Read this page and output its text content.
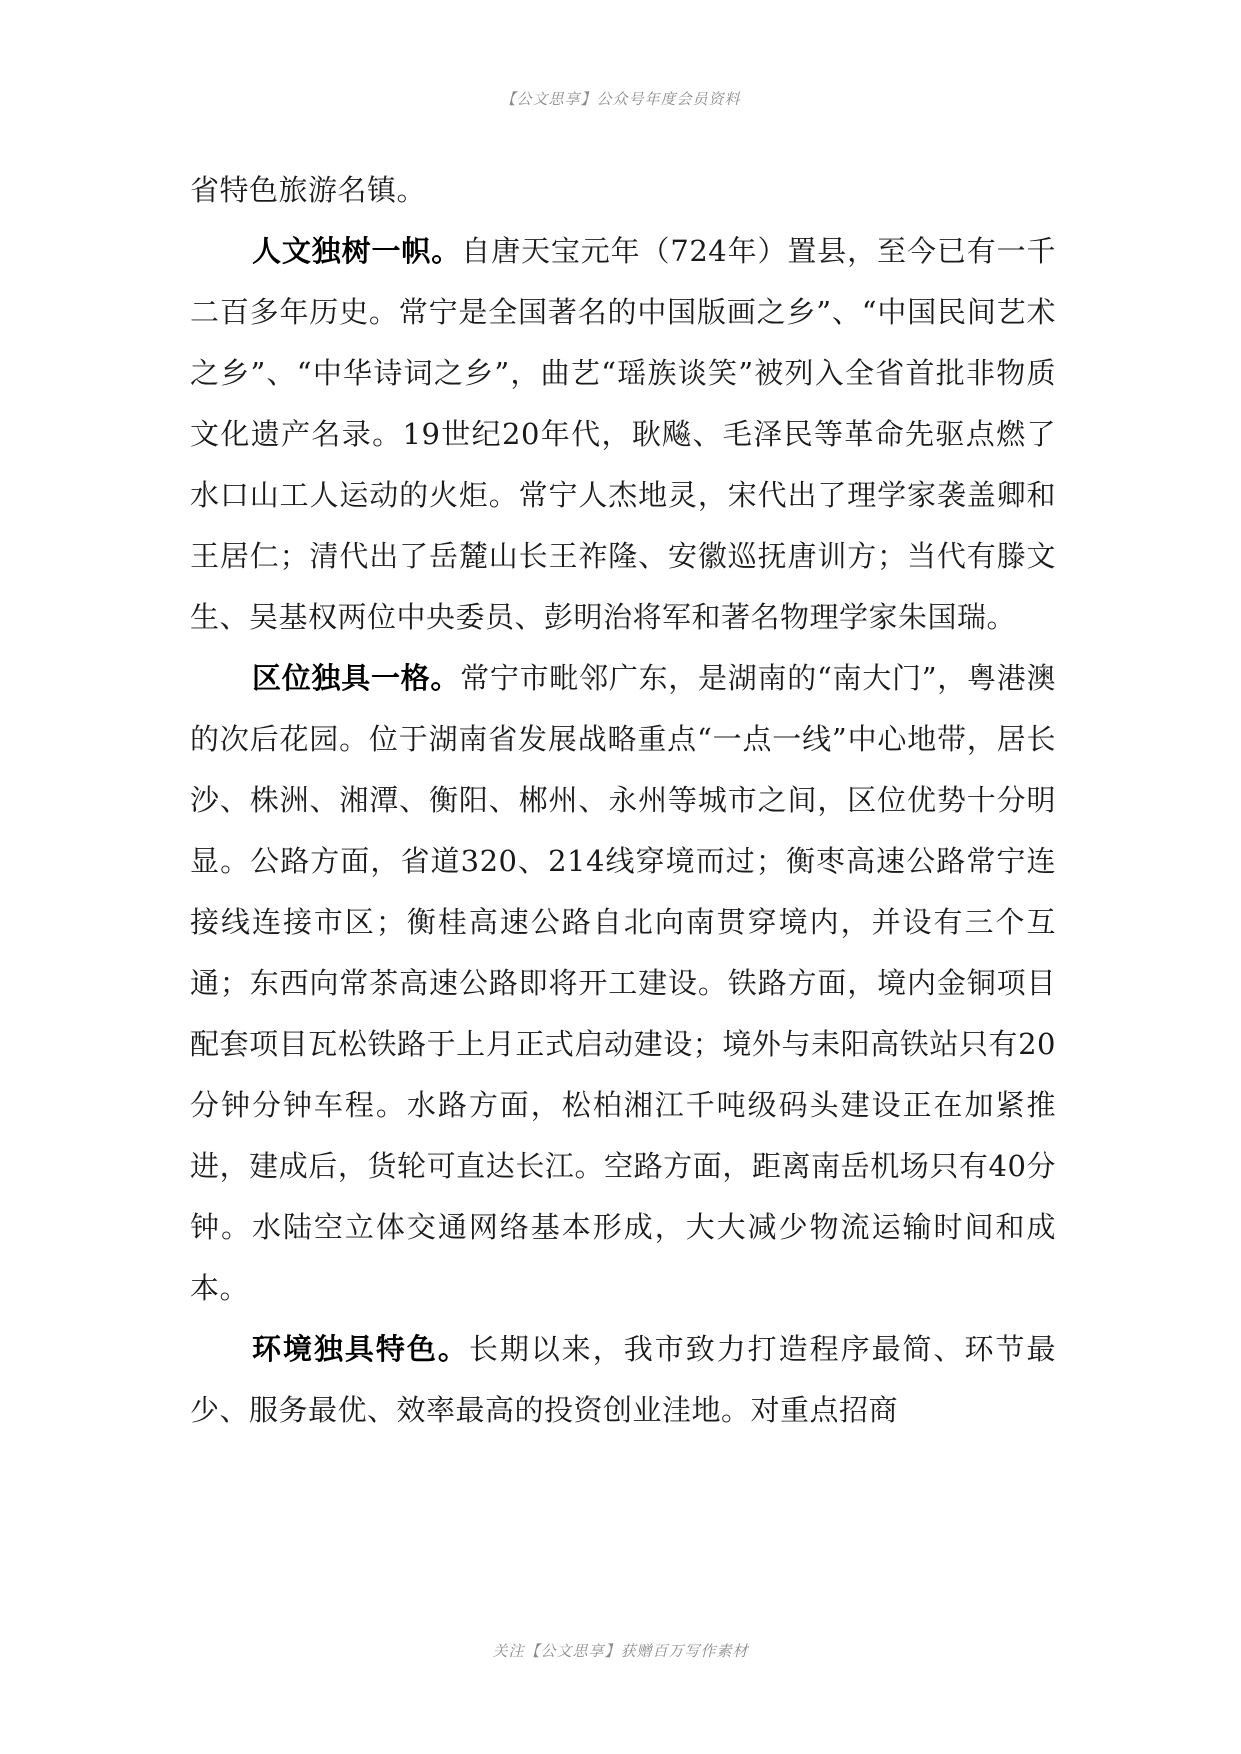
【公文思享】公众号年度会员资料

省特色旅游名镇。

人文独树一帜。自唐天宝元年（724年）置县，至今已有一千二百多年历史。常宁是全国著名的中国版画之乡”、“中国民间艺术之乡”、“中华诗词之乡”，曲艺“瑶族谈笑”被列入全省首批非物质文化遗产名录。19世纪20年代，耿飚、毛泽民等革命先驱点燃了水口山工人运动的火炬。常宁人杰地灵，宋代出了理学家袭盖卿和王居仁；清代出了岳麓山长王祚隆、安徽巡抚唐训方；当代有滕文生、吴基权两位中央委员、彭明治将军和著名物理学家朱国瑞。

区位独具一格。常宁市毗邻广东，是湖南的“南大门”，粤港澳的次后花园。位于湖南省发展战略重点“一点一线”中心地带，居长沙、株洲、湘潭、衡阳、郴州、永州等城市之间，区位优势十分明显。公路方面，省道320、214线穿境而过；衡枣高速公路常宁连接线连接市区；衡桂高速公路自北向南贯穿境内，并设有三个互通；东西向常茶高速公路即将开工建设。铁路方面，境内金铜项目配套项目瓦松铁路于上月正式启动建设；境外与耒阳高铁站只有20分钟分钟车程。水路方面，松柏湘江千吨级码头建设正在加紧推进，建成后，货轮可直达长江。空路方面，距离南岳机场只有40分钟。水陆空立体交通网络基本形成，大大减少物流运输时间和成本。

环境独具特色。长期以来，我市致力打造程序最简、环节最少、服务最优、效率最高的投资创业洼地。对重点招商

关注【公文思享】获赠百万写作素材
